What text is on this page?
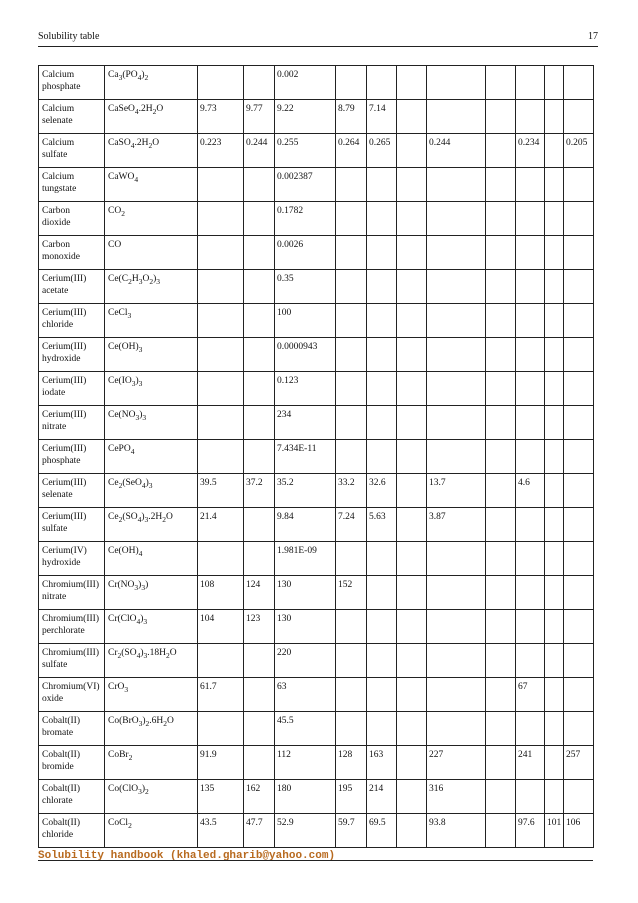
Solubility table	17
Calcium
phosphate	$Ca_3(PO_4)_2$			0.002								

Calcium
selenate	$CaSeO_4.2H_2O$	9.73	9.77	9.22	8.79	7.14						

Calcium
sulfate	$CaSO_4.2H_2O$	0.223	0.244	0.255	0.264	0.265		0.244		0.234		0.205

Calcium
tungstate	CaWO$_4$			0.002387								

Carbon
dioxide	$CO_2$			0.1782								

Carbon
monoxide	CO			0.0026								

Cerium(III)
acetate	$Ce(C_2H_3O_2)_3$			0.35								

Cerium(III)
chloride	CeCl$_3$			100								

Cerium(III)
hydroxide	$Ce(OH)_3$			0.0000943								

Cerium(III)
iodate	$Ce(IO_3)_3$			0.123								

Cerium(III)
nitrate	$Ce(NO_3)_3$			234								

Cerium(III)
phosphate	CePO$_4$			7.434E-11								

Cerium(III)
selenate	$Ce_2(SeO_4)_3$	39.5	37.2	35.2	33.2	32.6		13.7		4.6		

Cerium(III)
sulfate	$Ce_2(SO_4)_3.2H_2O$	21.4		9.84	7.24	5.63		3.87				

Cerium(IV)
hydroxide	$Ce(OH)_4$			1.981E-09								

Chromium(III)
nitrate	$Cr(NO_3)_3$)	108	124	130	152							

Chromium(III)
perchlorate	$Cr(ClO_4)_3$	104	123	130								

Chromium(III)
sulfate	$Cr_2(SO_4)_3.18H_2O$			220								

Chromium(VI)
oxide	CrO$_3$	61.7		63						67		

Cobalt(II)
bromate	$Co(BrO_3)_2.6H_2O$			45.5								

Cobalt(II)
bromide	CoBr$_2$	91.9		112	128	163		227		241		257

Cobalt(II)
chlorate	$Co(ClO_3)_2$	135	162	180	195	214		316				

Cobalt(II)
chloride	CoCl$_2$	43.5	47.7	52.9	59.7	69.5		93.8		97.6	101	106
Solubility handbook (khaled.gharib@yahoo.com)
